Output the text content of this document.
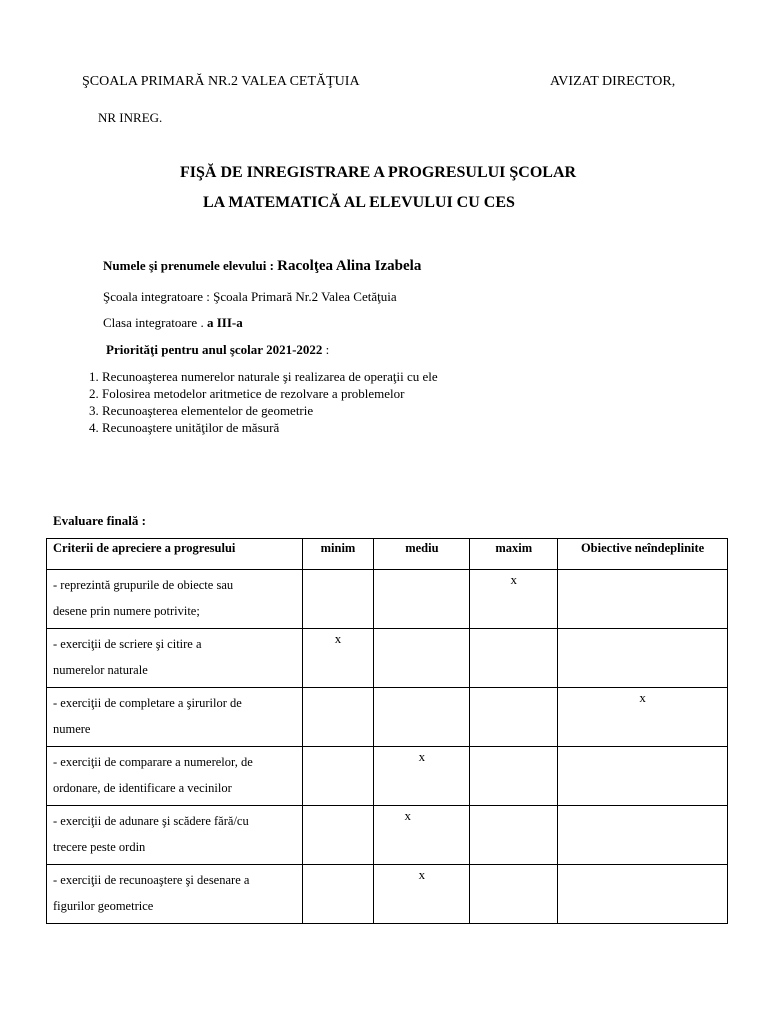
ŞCOALA PRIMARĂ NR.2 VALEA CETĂŢUIA	AVIZAT DIRECTOR,
NR INREG.
FIŞĂ DE INREGISTRARE A PROGRESULUI ŞCOLAR
LA MATEMATICĂ AL ELEVULUI CU CES
Numele şi prenumele elevului : Racolţea Alina Izabela
Şcoala integratoare : Şcoala Primară Nr.2 Valea Cetăţuia
Clasa integratoare . a III-a
Priorităţi pentru anul şcolar 2021-2022 :
1. Recunoaşterea numerelor naturale şi realizarea de operaţii cu ele
2. Folosirea metodelor aritmetice de rezolvare a problemelor
3. Recunoaşterea elementelor de geometrie
4. Recunoaştere unităţilor de măsură
Evaluare finală :
Criterii de apreciere a progresului	minim	mediu	maxim	Obiective neîndeplinite
- reprezintă grupurile de obiecte sau
desene prin numere potrivite;			x	

- exerciţii de scriere şi citire a
numerelor naturale	x			

- exerciţii de completare a şirurilor de
numere				x

- exerciţii de comparare a numerelor, de
ordonare, de identificare a vecinilor		x		

- exerciţii de adunare şi scădere fără/cu
trecere peste ordin		x		

- exerciţii de recunoaştere şi desenare a
figurilor geometrice		x		
